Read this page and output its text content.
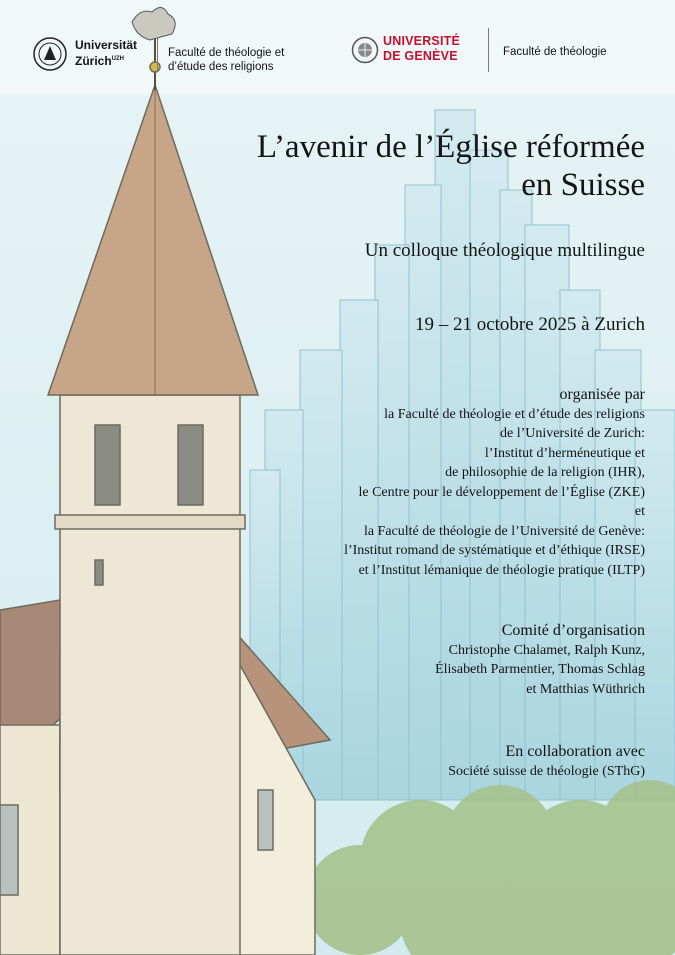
Universität
Zürich$^{UZH}$	Faculté de théologie et
d’étude des religions
UNIVERSITÉ
DE GENÈVE	Faculté de théologie
L’avenir de l’Église réformée
en Suisse
Un colloque théologique multilingue
19 – 21 octobre 2025 à Zurich
organisée par
la Faculté de théologie et d’étude des religions
de l’Université de Zurich:
l’Institut d’herméneutique et
de philosophie de la religion (IHR),
le Centre pour le développement de l’Église (ZKE)
et
la Faculté de théologie de l’Université de Genève:
l’Institut romand de systématique et d’éthique (IRSE)
et l’Institut lémanique de théologie pratique (ILTP)
Comité d’organisation
Christophe Chalamet, Ralph Kunz,
Élisabeth Parmentier, Thomas Schlag
et Matthias Wüthrich
En collaboration avec
Société suisse de théologie (SThG)
